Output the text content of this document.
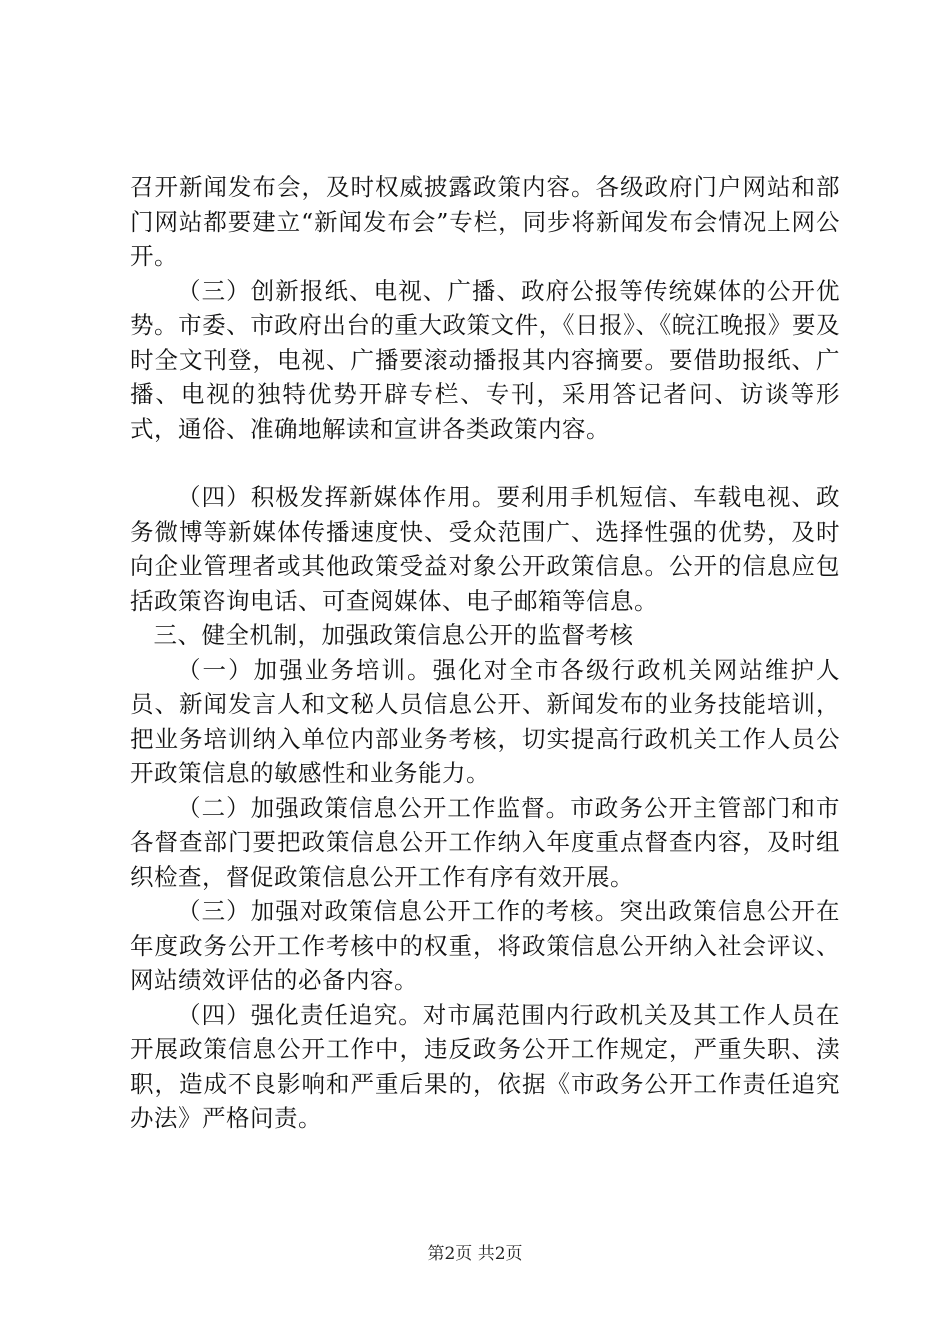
召开新闻发布会，及时权威披露政策内容。各级政府门户网站和部门网站都要建立“新闻发布会”专栏，同步将新闻发布会情况上网公开。

（三）创新报纸、电视、广播、政府公报等传统媒体的公开优势。市委、市政府出台的重大政策文件，《日报》、《皖江晚报》要及时全文刊登，电视、广播要滚动播报其内容摘要。要借助报纸、广播、电视的独特优势开辟专栏、专刊，采用答记者问、访谈等形式，通俗、准确地解读和宣讲各类政策内容。

（四）积极发挥新媒体作用。要利用手机短信、车载电视、政务微博等新媒体传播速度快、受众范围广、选择性强的优势，及时向企业管理者或其他政策受益对象公开政策信息。公开的信息应包括政策咨询电话、可查阅媒体、电子邮箱等信息。

三、健全机制，加强政策信息公开的监督考核

（一）加强业务培训。强化对全市各级行政机关网站维护人员、新闻发言人和文秘人员信息公开、新闻发布的业务技能培训，把业务培训纳入单位内部业务考核，切实提高行政机关工作人员公开政策信息的敏感性和业务能力。

（二）加强政策信息公开工作监督。市政务公开主管部门和市各督查部门要把政策信息公开工作纳入年度重点督查内容，及时组织检查，督促政策信息公开工作有序有效开展。

（三）加强对政策信息公开工作的考核。突出政策信息公开在年度政务公开工作考核中的权重，将政策信息公开纳入社会评议、网站绩效评估的必备内容。

（四）强化责任追究。对市属范围内行政机关及其工作人员在开展政策信息公开工作中，违反政务公开工作规定，严重失职、渎职，造成不良影响和严重后果的，依据《市政务公开工作责任追究办法》严格问责。

第2页 共2页
